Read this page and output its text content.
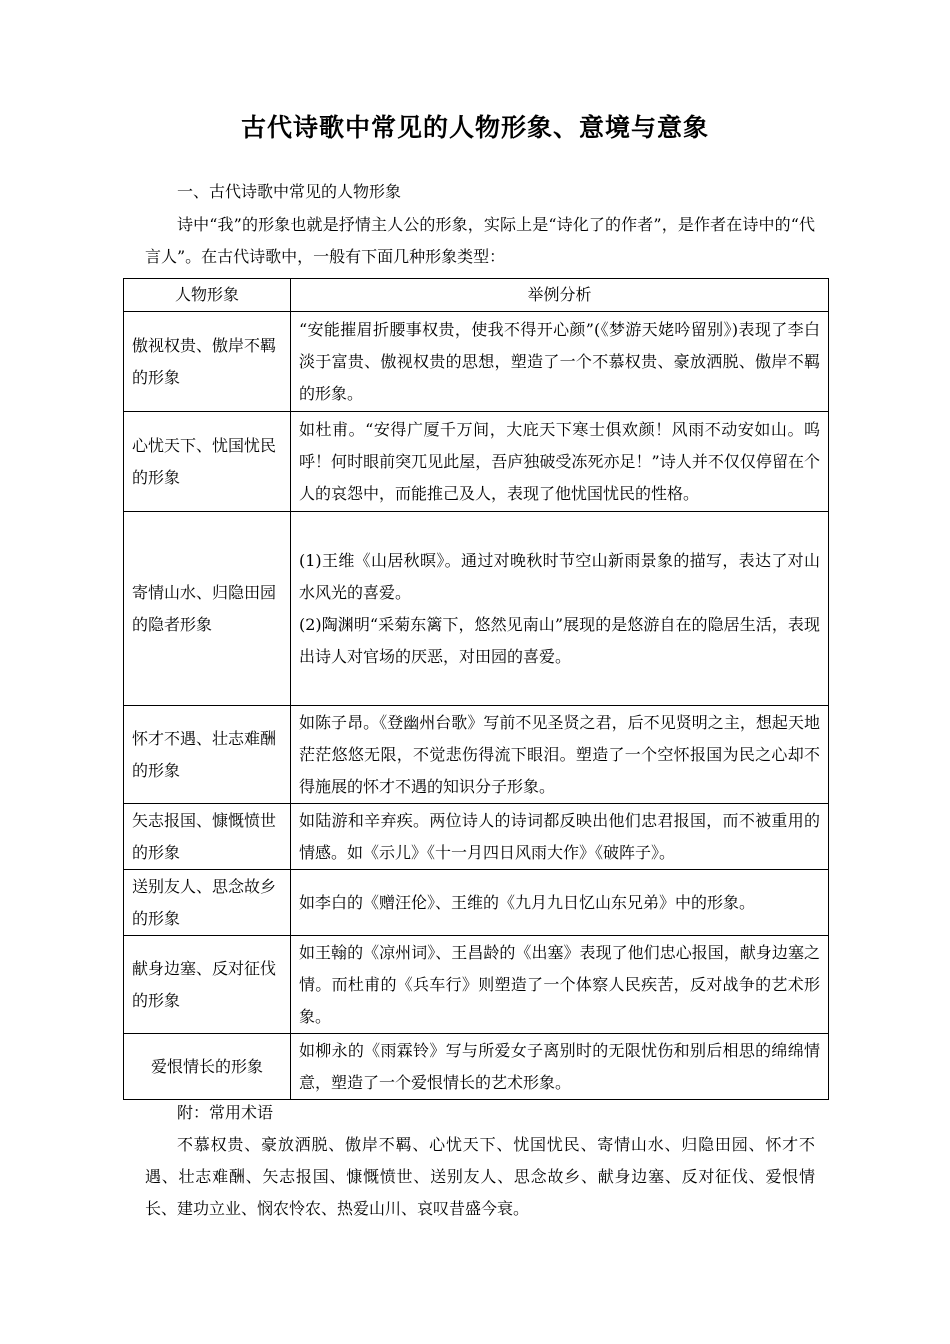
古代诗歌中常见的人物形象、意境与意象
一、古代诗歌中常见的人物形象
诗中“我”的形象也就是抒情主人公的形象，实际上是“诗化了的作者”，是作者在诗中的“代言人”。在古代诗歌中，一般有下面几种形象类型：
人物形象	举例分析
傲视权贵、傲岸不羁的形象	“安能摧眉折腰事权贵，使我不得开心颜”(《梦游天姥吟留别》)表现了李白淡于富贵、傲视权贵的思想，塑造了一个不慕权贵、豪放洒脱、傲岸不羁的形象。
心忧天下、忧国忧民的形象	如杜甫。“安得广厦千万间，大庇天下寒士俱欢颜！风雨不动安如山。呜呼！何时眼前突兀见此屋，吾庐独破受冻死亦足！”诗人并不仅仅停留在个人的哀怨中，而能推己及人，表现了他忧国忧民的性格。
寄情山水、归隐田园的隐者形象	(1)王维《山居秋暝》。通过对晚秋时节空山新雨景象的描写，表达了对山水风光的喜爱。
(2)陶渊明“采菊东篱下，悠然见南山”展现的是悠游自在的隐居生活，表现出诗人对官场的厌恶，对田园的喜爱。

怀才不遇、壮志难酬的形象	如陈子昂。《登幽州台歌》写前不见圣贤之君，后不见贤明之主，想起天地茫茫悠悠无限，不觉悲伤得流下眼泪。塑造了一个空怀报国为民之心却不得施展的怀才不遇的知识分子形象。
矢志报国、慷慨愤世的形象	如陆游和辛弃疾。两位诗人的诗词都反映出他们忠君报国，而不被重用的情感。如《示儿》《十一月四日风雨大作》《破阵子》。
送别友人、思念故乡的形象	如李白的《赠汪伦》、王维的《九月九日忆山东兄弟》中的形象。
献身边塞、反对征伐的形象	如王翰的《凉州词》、王昌龄的《出塞》表现了他们忠心报国，献身边塞之情。而杜甫的《兵车行》则塑造了一个体察人民疾苦，反对战争的艺术形象。
爱恨情长的形象	如柳永的《雨霖铃》写与所爱女子离别时的无限忧伤和别后相思的绵绵情意，塑造了一个爱恨情长的艺术形象。
附：常用术语
不慕权贵、豪放洒脱、傲岸不羁、心忧天下、忧国忧民、寄情山水、归隐田园、怀才不遇、壮志难酬、矢志报国、慷慨愤世、送别友人、思念故乡、献身边塞、反对征伐、爱恨情长、建功立业、悯农怜农、热爱山川、哀叹昔盛今衰。
